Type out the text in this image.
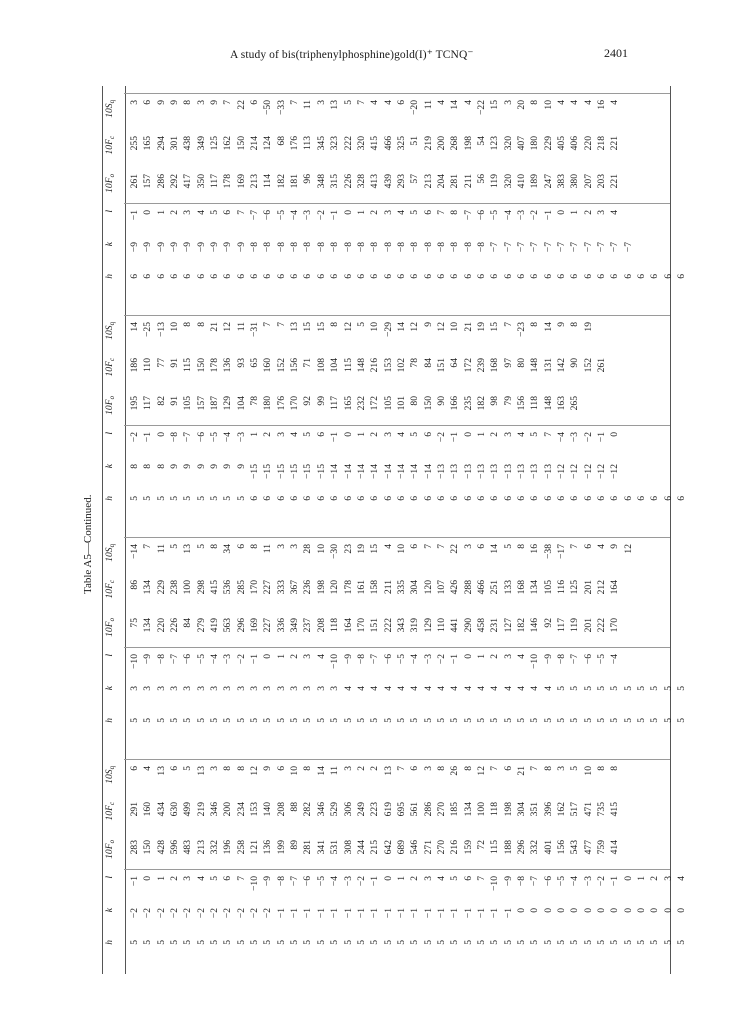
A study of bis(triphenylphosphine)gold(I)⁺ TCNQ⁻	2401
Table A5—Continued.
h 5 5 5 5 5 5 5 5 5 5 5 5 5 5 5 5 5 5 5 5 5 5 5 5 5 5 5 5 5 5 5 5 5 5 5 5 5 5 5 5 5 5
k −2 −2 −2 −2 −2 −2 −2 −2 −2 −2 −2 −1 −1 −1 −1 −1 −1 −1 −1 −1 −1 −1 −1 −1 −1 −1 −1 −1 −1 0 0 0 0 0 0 0 0 0 0 0 0 0
l −1 0 1 2 3 4 5 6 7 −10 −9 −8 −7 −6 −5 −4 −3 −2 −1 0 1 2 3 4 5 6 7 −10 −9 −8 −7 −6 −5 −4 −3 −2 −1 0 1 2 3 4
$10F_o$ 283 150 428 596 483 213 332 196 258 121 136 199 89 281 341 531 308 244 215 642 689 546 271 270 216 159 72 115 188 296 332 401 156 543 477 759 414
$10F_c$ 291 160 434 630 499 219 346 200 234 153 140 208 88 282 346 529 306 249 223 619 695 561 286 270 185 134 100 118 198 304 351 396 162 517 471 735 415
$10S_q$ 6 4 13 6 5 13 3 8 8 12 9 6 10 8 14 11 3 2 2 13 7 6 3 8 26 8 12 7 6 21 7 8 3 5 10 8 8
h 5 5 5 5 5 5 5 5 5 5 5 5 5 5 5 5 5 5 5 5 5 5 5 5 5 5 5 5 5 5 5 5 5 5 5 5 5 5 5 5 5 5
k 3 3 3 3 3 3 3 3 3 3 3 3 3 3 3 3 4 4 4 4 4 4 4 4 4 4 4 4 4 4 4 4 5 5 5 5 5 5 5 5 5 5
l −10 −9 −8 −7 −6 −5 −4 −3 −2 −1 0 1 2 3 4 −10 −9 −8 −7 −6 −5 −4 −3 −2 −1 0 1 2 3 4 −10 −9 −8 −7 −6 −5 −4
$10F_o$ 75 134 220 226 84 279 419 563 296 169 227 336 349 237 208 118 164 170 151 222 343 319 129 110 441 290 458 231 127 182 146 92 117 119 201 222 170
$10F_c$ 86 134 229 238 100 298 415 536 285 170 227 333 367 236 198 120 178 161 158 211 335 304 120 107 426 288 466 251 133 168 134 105 116 125 201 212 164
$10S_q -14$ 7 11 5 13 5 8 34 6 8 11 3 3 28 10 −30 23 19 15 4 10 6 7 7 22 3 6 14 5 8 16 −38 −17 7 6 4 9 12
h 5 5 5 5 5 5 5 5 5 6 6 6 6 6 6 6 6 6 6 6 6 6 6 6 6 6 6 6 6 6 6 6 6 6 6 6 6 6 6 6 6 6
k 8 8 8 9 9 9 9 9 9 −15 −15 −15 −15 −15 −15 −14 −14 −14 −14 −14 −14 −14 −14 −13 −13 −13 −13 −13 −13 −13 −13 −13 −12 −12 −12 −12 −12
l −2 −1 0 −8 −7 −6 −5 −4 −3 1 2 3 4 5 6 −1 0 1 2 3 4 5 6 −2 −1 0 1 2 3 4 5 7 −4 −3 −2 −1 0
$10F_o$ 195 117 82 91 105 157 187 129 104 78 180 176 170 92 99 117 165 232 172 105 101 80 150 90 166 235 182 98 79 156 118 148 163 265
$10F_c$ 186 110 77 91 115 150 178 136 93 65 160 152 156 71 108 104 115 148 216 153 102 78 84 151 64 172 239 168 97 80 148 131 142 90 152 261
$10S_q$ 14 −25 −13 10 8 8 21 12 11 −31 7 7 13 15 15 8 12 5 10 −29 14 12 9 12 10 21 19 15 7 −23 8 14 9 8 19
h 6 6 6 6 6 6 6 6 6 6 6 6 6 6 6 6 6 6 6 6 6 6 6 6 6 6 6 6 6 6 6 6 6 6 6 6 6 6 6 6 6 6
k −9 −9 −9 −9 −9 −9 −9 −9 −9 −8 −8 −8 −8 −8 −8 −8 −8 −8 −8 −8 −8 −8 −8 −8 −8 −8 −8 −7 −7 −7 −7 −7 −7 −7 −7 −7 −7 −7
l −1 0 1 2 3 4 5 6 7 −7 −6 −5 −4 −3 −2 −1 0 1 2 3 4 5 6 7 8 −7 −6 −5 −4 −3 −2 −1 0 1 2 3 4
$10F_o$ 261 157 286 292 417 350 117 178 169 213 114 182 181 96 348 315 226 328 413 439 293 57 213 204 281 211 56 119 320 410 189 247 383 380 207 203 221
$10F_c$ 255 165 294 301 438 349 125 162 150 214 124 68 176 113 345 323 222 320 415 466 325 51 219 200 268 198 54 123 320 407 180 229 405 406 220 218 221
$10S_q$ 3 6 9 9 8 3 9 7 22 6 −50 −33 7 11 3 13 5 7 4 4 6 −20 11 4 14 4 −22 15 3 20 8 10 4 4 4 16 4
